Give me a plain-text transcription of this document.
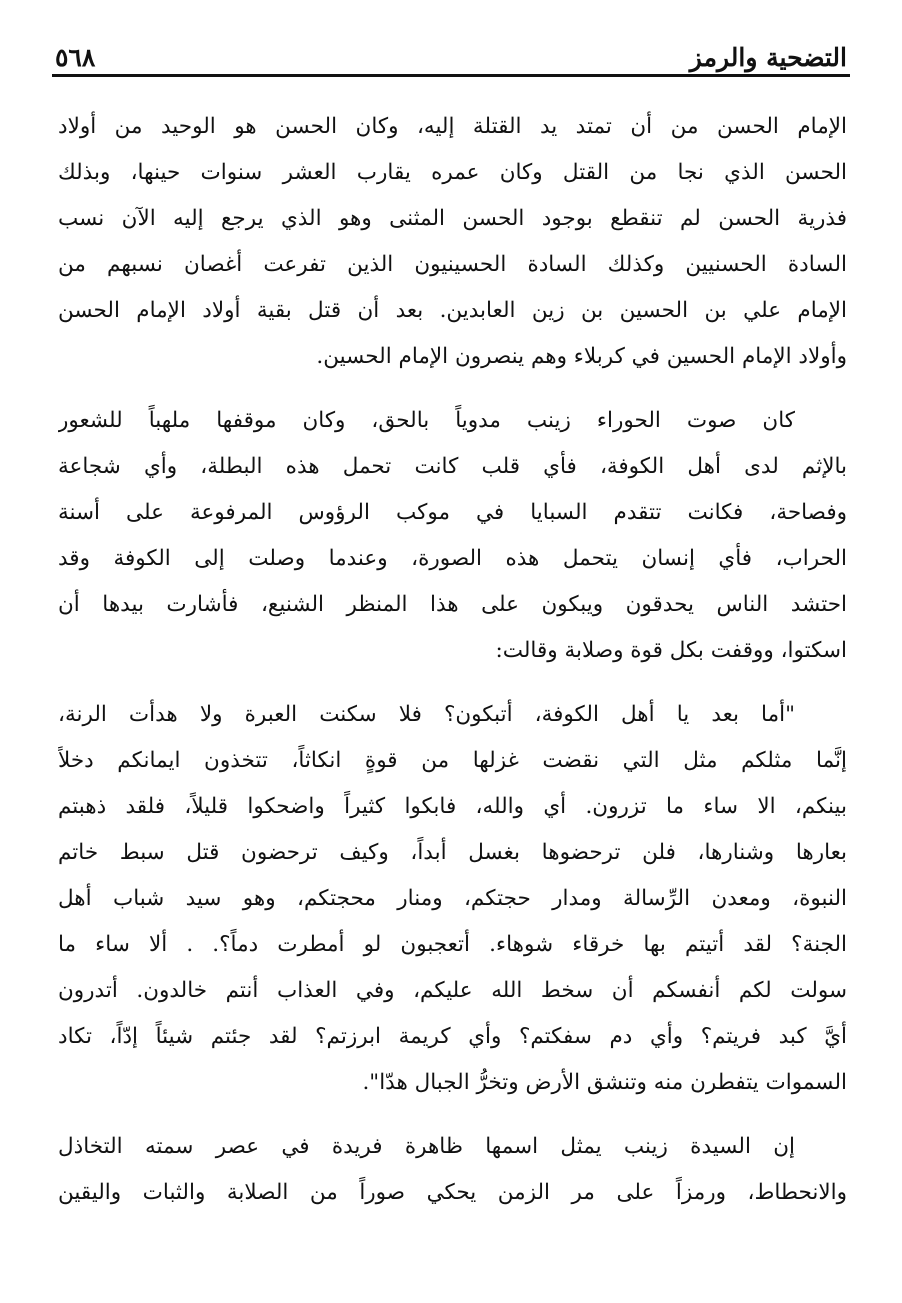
التضحية والرمز
٥٦٨
الإمام الحسن من أن تمتد يد القتلة إليه، وكان الحسن هو الوحيد من أولاد
الحسن الذي نجا من القتل وكان عمره يقارب العشر سنوات حينها، وبذلك
فذرية الحسن لم تنقطع بوجود الحسن المثنى وهو الذي يرجع إليه الآن نسب
السادة الحسنيين وكذلك السادة الحسينيون الذين تفرعت أغصان نسبهم من
الإمام علي بن الحسين بن زين العابدين. بعد أن قتل بقية أولاد الإمام الحسن
وأولاد الإمام الحسين في كربلاء وهم ينصرون الإمام الحسين.
كان صوت الحوراء زينب مدوياً بالحق، وكان موقفها ملهباً للشعور
بالإثم لدى أهل الكوفة، فأي قلب كانت تحمل هذه البطلة، وأي شجاعة
وفصاحة، فكانت تتقدم السبايا في موكب الرؤوس المرفوعة على أسنة
الحراب، فأي إنسان يتحمل هذه الصورة، وعندما وصلت إلى الكوفة وقد
احتشد الناس يحدقون ويبكون على هذا المنظر الشنيع، فأشارت بيدها أن
اسكتوا، ووقفت بكل قوة وصلابة وقالت:
"أما بعد يا أهل الكوفة، أتبكون؟ فلا سكنت العبرة ولا هدأت الرنة،
إنَّما مثلكم مثل التي نقضت غزلها من قوةٍ انكاثاً، تتخذون ايمانكم دخلاً
بينكم، الا ساء ما تزرون. أي والله، فابكوا كثيراً واضحكوا قليلاً، فلقد ذهبتم
بعارها وشنارها، فلن ترحضوها بغسل أبداً، وكيف ترحضون قتل سبط خاتم
النبوة، ومعدن الرِّسالة ومدار حجتكم، ومنار محجتكم، وهو سيد شباب أهل
الجنة؟ لقد أتيتم بها خرقاء شوهاء. أتعجبون لو أمطرت دماً؟. . ألا ساء ما
سولت لكم أنفسكم أن سخط الله عليكم، وفي العذاب أنتم خالدون. أتدرون
أيَّ كبد فريتم؟ وأي دم سفكتم؟ وأي كريمة ابرزتم؟ لقد جئتم شيئاً إدّاً، تكاد
السموات يتفطرن منه وتنشق الأرض وتخرُّ الجبال هدّا".
إن السيدة زينب يمثل اسمها ظاهرة فريدة في عصر سمته التخاذل
والانحطاط، ورمزاً على مر الزمن يحكي صوراً من الصلابة والثبات واليقين
